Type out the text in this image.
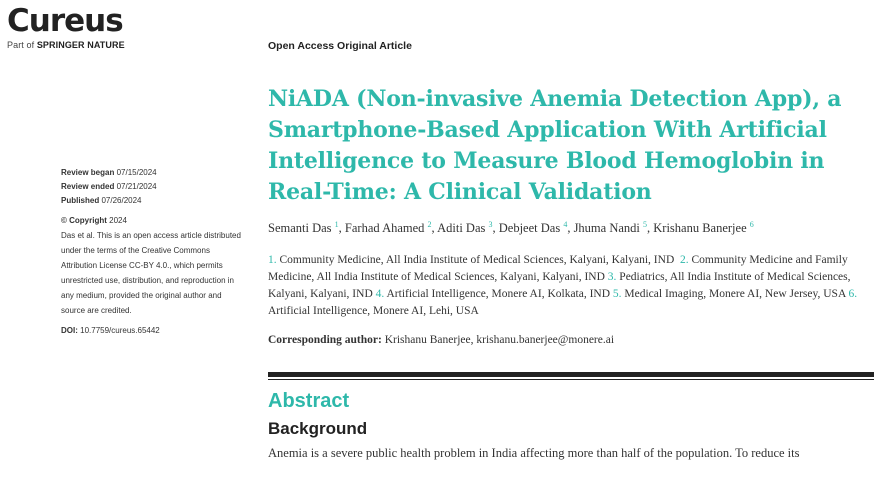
Cureus
Part of SPRINGER NATURE	Open Access Original Article
Review began 07/15/2024
Review ended 07/21/2024
Published 07/26/2024
© Copyright 2024
Das et al. This is an open access article distributed under the terms of the Creative Commons Attribution License CC-BY 4.0., which permits unrestricted use, distribution, and reproduction in any medium, provided the original author and source are credited.
DOI: 10.7759/cureus.65442
NiADA (Non-invasive Anemia Detection App), a Smartphone-Based Application With Artificial Intelligence to Measure Blood Hemoglobin in Real-Time: A Clinical Validation
Semanti Das $^1$, Farhad Ahamed $^2$, Aditi Das $^3$, Debjeet Das $^4$, Jhuma Nandi $^5$, Krishanu Banerjee $^6$
1. Community Medicine, All India Institute of Medical Sciences, Kalyani, Kalyani, IND 2. Community Medicine and Family Medicine, All India Institute of Medical Sciences, Kalyani, Kalyani, IND 3. Pediatrics, All India Institute of Medical Sciences, Kalyani, Kalyani, IND 4. Artificial Intelligence, Monere AI, Kolkata, IND 5. Medical Imaging, Monere AI, New Jersey, USA 6. Artificial Intelligence, Monere AI, Lehi, USA
Corresponding author: Krishanu Banerjee, krishanu.banerjee@monere.ai
Abstract
Background
Anemia is a severe public health problem in India affecting more than half of the population. To reduce its
